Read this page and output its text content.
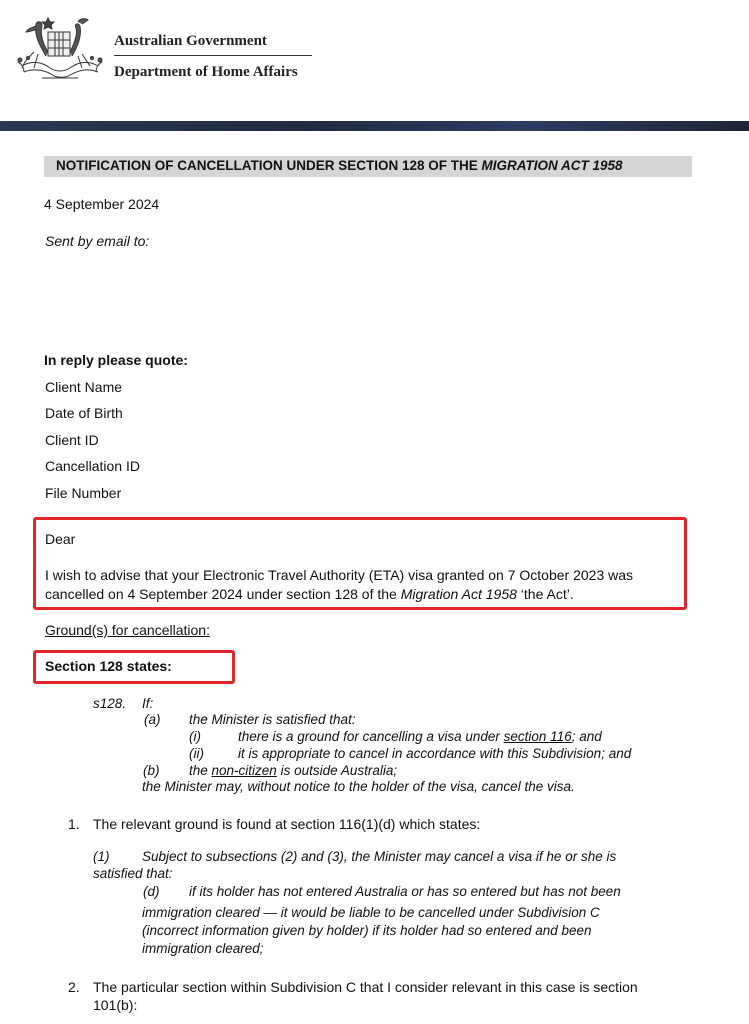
Australian Government
Department of Home Affairs
NOTIFICATION OF CANCELLATION UNDER SECTION 128 OF THE MIGRATION ACT 1958
4 September 2024
Sent by email to:
In reply please quote:
Client Name
Date of Birth
Client ID
Cancellation ID
File Number
Dear
I wish to advise that your Electronic Travel Authority (ETA) visa granted on 7 October 2023 was
cancelled on 4 September 2024 under section 128 of the Migration Act 1958 ‘the Act’.
Ground(s) for cancellation:
Section 128 states:
s128. If:
(a) the Minister is satisfied that:
(i)	there is a ground for cancelling a visa under section 116; and
(ii)	it is appropriate to cancel in accordance with this Subdivision; and
(b) the non-citizen is outside Australia;
the Minister may, without notice to the holder of the visa, cancel the visa.
1. The relevant ground is found at section 116(1)(d) which states:
(1) Subject to subsections (2) and (3), the Minister may cancel a visa if he or she is
satisfied that:
(d) if its holder has not entered Australia or has so entered but has not been
immigration cleared — it would be liable to be cancelled under Subdivision C
(incorrect information given by holder) if its holder had so entered and been
immigration cleared;
2. The particular section within Subdivision C that I consider relevant in this case is section
101(b):
